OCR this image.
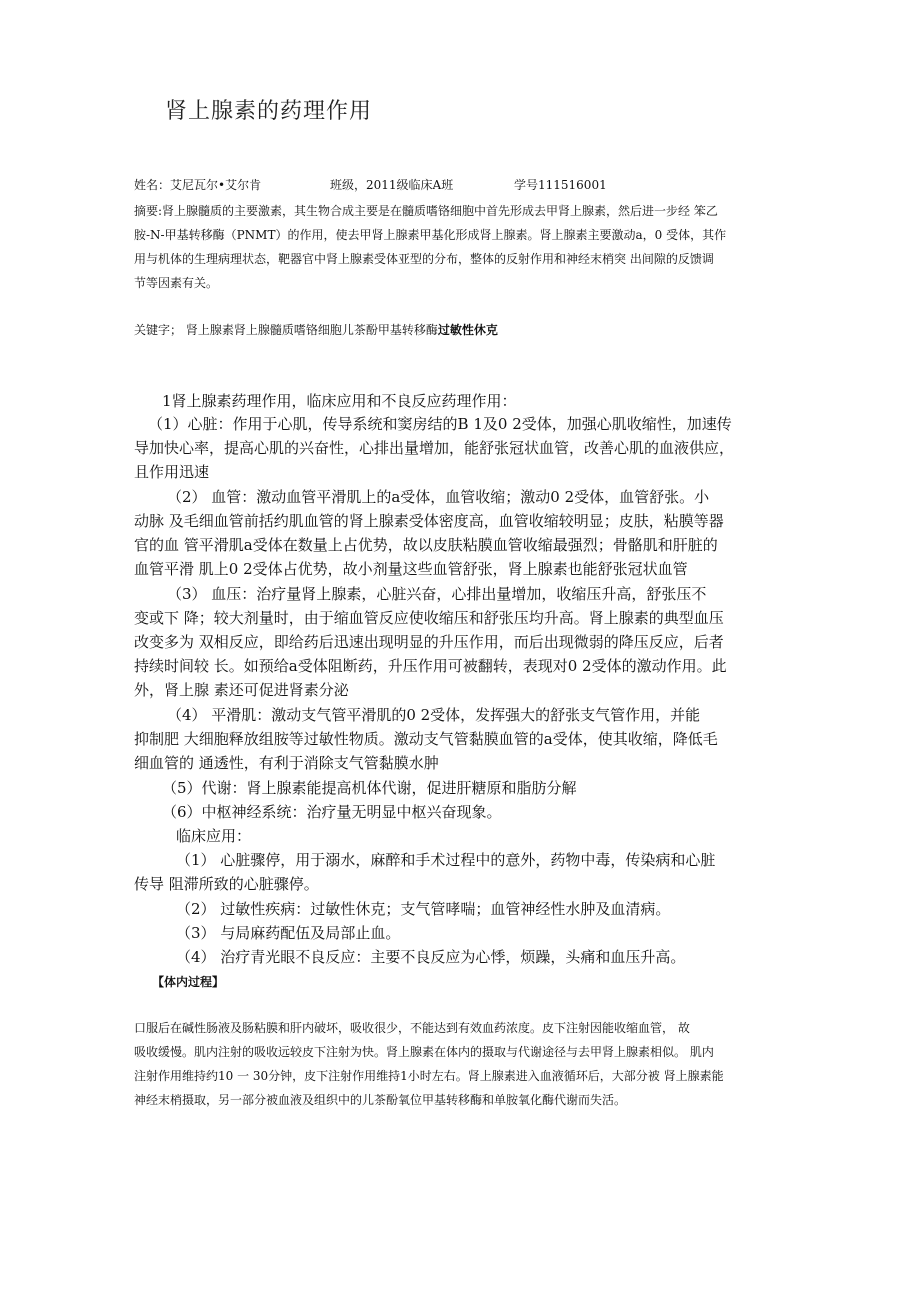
肾上腺素的药理作用
姓名：艾尼瓦尔•艾尔肯	班级，2011级临床A班	学号111516001
摘要:肾上腺髓质的主要激素，其生物合成主要是在髓质嗜铬细胞中首先形成去甲肾上腺素，然后进一步经 笨乙
胺-N-甲基转移酶（PNMT）的作用，使去甲肾上腺素甲基化形成肾上腺素。肾上腺素主要激动a，0 受体，其作
用与机体的生理病理状态，靶器官中肾上腺素受体亚型的分布，整体的反射作用和神经末梢突 出间隙的反馈调
节等因素有关。
关键字； 肾上腺素肾上腺髓质嗜铬细胞儿茶酚甲基转移酶过敏性休克
1肾上腺素药理作用，临床应用和不良反应药理作用：
（1）心脏：作用于心肌，传导系统和窦房结的B 1及0 2受体，加强心肌收缩性，加速传
导加快心率，提高心肌的兴奋性，心排出量增加，能舒张冠状血管，改善心肌的血液供应，
且作用迅速
（2） 血管：激动血管平滑肌上的a受体，血管收缩；激动0 2受体，血管舒张。小
动脉 及毛细血管前括约肌血管的肾上腺素受体密度高，血管收缩较明显；皮肤，粘膜等器
官的血 管平滑肌a受体在数量上占优势，故以皮肤粘膜血管收缩最强烈；骨骼肌和肝脏的
血管平滑 肌上0 2受体占优势，故小剂量这些血管舒张，肾上腺素也能舒张冠状血管
（3） 血压：治疗量肾上腺素，心脏兴奋，心排出量增加，收缩压升高，舒张压不
变或下 降；较大剂量时，由于缩血管反应使收缩压和舒张压均升高。肾上腺素的典型血压
改变多为 双相反应，即给药后迅速出现明显的升压作用，而后出现微弱的降压反应，后者
持续时间较 长。如预给a受体阻断药，升压作用可被翻转，表现对0 2受体的激动作用。此
外，肾上腺 素还可促进肾素分泌
（4） 平滑肌：激动支气管平滑肌的0 2受体，发挥强大的舒张支气管作用，并能
抑制肥 大细胞释放组胺等过敏性物质。激动支气管黏膜血管的a受体，使其收缩，降低毛
细血管的 通透性，有利于消除支气管黏膜水肿
（5）代谢：肾上腺素能提高机体代谢，促进肝糖原和脂肪分解
（6）中枢神经系统：治疗量无明显中枢兴奋现象。
临床应用：
（1） 心脏骤停，用于溺水，麻醉和手术过程中的意外，药物中毒，传染病和心脏
传导 阻滞所致的心脏骤停。
（2） 过敏性疾病：过敏性休克；支气管哮喘；血管神经性水肿及血清病。
（3） 与局麻药配伍及局部止血。
（4） 治疗青光眼不良反应：主要不良反应为心悸，烦躁，头痛和血压升高。
【体内过程】
口服后在碱性肠液及肠粘膜和肝内破坏，吸收很少，不能达到有效血药浓度。皮下注射因能收缩血管， 故
吸收缓慢。肌内注射的吸收远较皮下注射为快。肾上腺素在体内的摄取与代谢途径与去甲肾上腺素相似。 肌内
注射作用维持约10 一 30分钟，皮下注射作用维持1小时左右。肾上腺素进入血液循环后，大部分被 肾上腺素能
神经末梢摄取，另一部分被血液及组织中的儿茶酚氧位甲基转移酶和单胺氧化酶代谢而失活。
